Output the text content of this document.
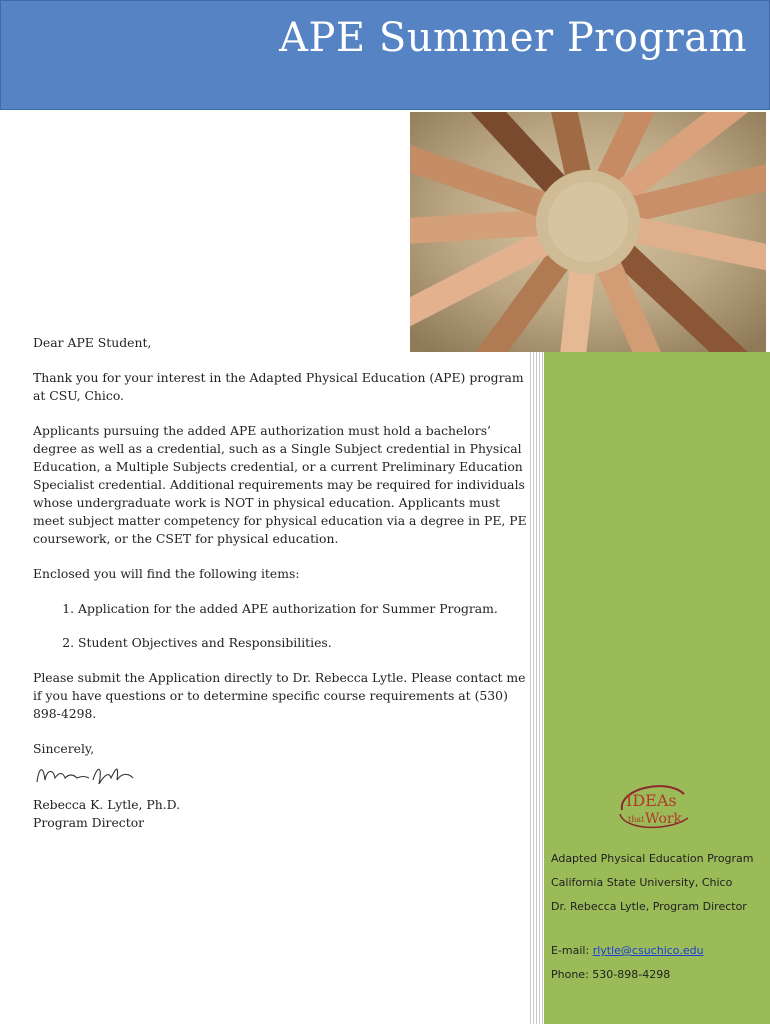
APE Summer Program
IDEAs
that Work
Adapted Physical Education Program
California State University, Chico
Dr. Rebecca Lytle, Program Director
E-mail: rlytle@csuchico.edu
Phone: 530-898-4298

Dear APE Student,

Thank you for your interest in the Adapted Physical Education (APE) program at CSU, Chico.

Applicants pursuing the added APE authorization must hold a bachelors’ degree as well as a credential, such as a Single Subject credential in Physical Education, a Multiple Subjects credential, or a current Preliminary Education Specialist credential. Additional requirements may be required for individuals whose undergraduate work is NOT in physical education. Applicants must meet subject matter competency for physical education via a degree in PE, PE coursework, or the CSET for physical education.

Enclosed you will find the following items:

1. Application for the added APE authorization for Summer Program.
2. Student Objectives and Responsibilities.

Please submit the Application directly to Dr. Rebecca Lytle. Please contact me if you have questions or to determine specific course requirements at (530) 898-4298.

Sincerely,

Rebecca K. Lytle, Ph.D.

Program Director
